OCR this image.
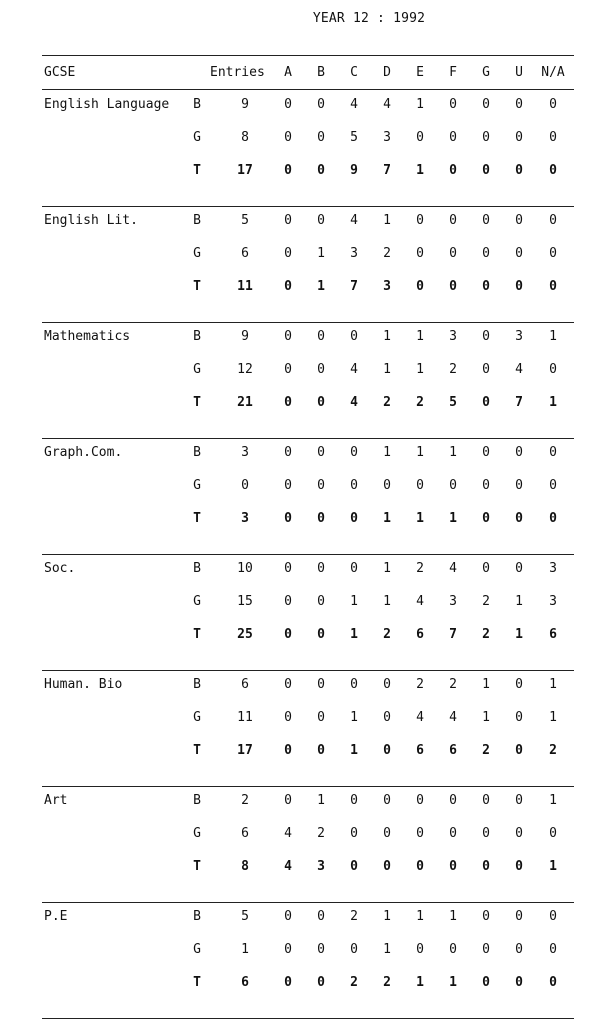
YEAR 12 : 1992
GCSE	Entries	A	B	C	D	E	F	G	U	N/A
English Language	B	9	0	0	4	4	1	0	0	0	0
G	8	0	0	5	3	0	0	0	0	0
T	17	0	0	9	7	1	0	0	0	0
English Lit.	B	5	0	0	4	1	0	0	0	0	0
G	6	0	1	3	2	0	0	0	0	0
T	11	0	1	7	3	0	0	0	0	0
Mathematics	B	9	0	0	0	1	1	3	0	3	1
G	12	0	0	4	1	1	2	0	4	0
T	21	0	0	4	2	2	5	0	7	1
Graph.Com.	B	3	0	0	0	1	1	1	0	0	0
G	0	0	0	0	0	0	0	0	0	0
T	3	0	0	0	1	1	1	0	0	0
Soc.	B	10	0	0	0	1	2	4	0	0	3
G	15	0	0	1	1	4	3	2	1	3
T	25	0	0	1	2	6	7	2	1	6
Human. Bio	B	6	0	0	0	0	2	2	1	0	1
G	11	0	0	1	0	4	4	1	0	1
T	17	0	0	1	0	6	6	2	0	2
Art	B	2	0	1	0	0	0	0	0	0	1
G	6	4	2	0	0	0	0	0	0	0
T	8	4	3	0	0	0	0	0	0	1
P.E	B	5	0	0	2	1	1	1	0	0	0
G	1	0	0	0	1	0	0	0	0	0
T	6	0	0	2	2	1	1	0	0	0
